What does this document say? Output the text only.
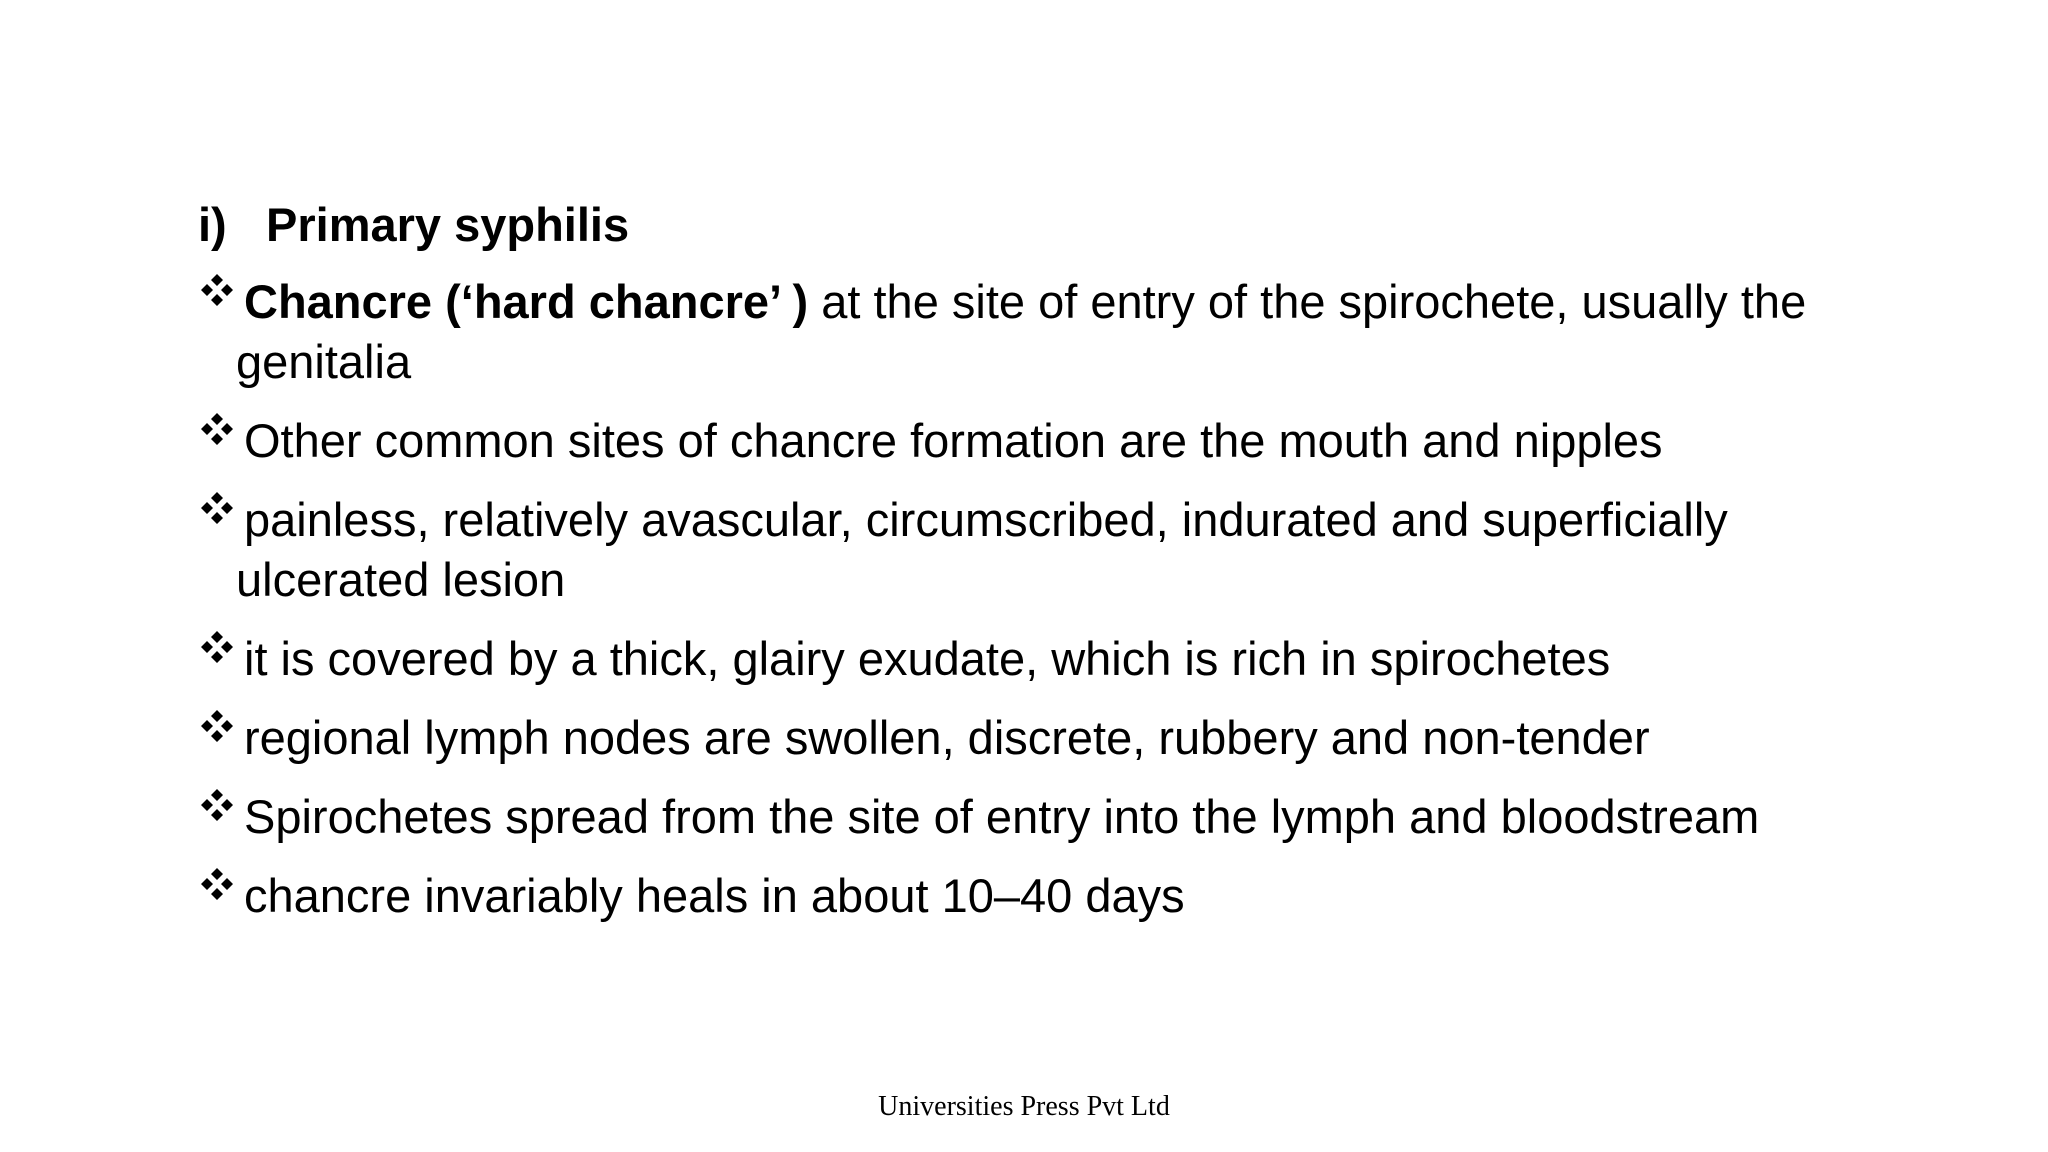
i) Primary syphilis
Chancre (‘hard chancre’ ) at the site of entry of the spirochete, usually the
genitalia
Other common sites of chancre formation are the mouth and nipples
painless, relatively avascular, circumscribed, indurated and superficially
ulcerated lesion
it is covered by a thick, glairy exudate, which is rich in spirochetes
regional lymph nodes are swollen, discrete, rubbery and non-tender
Spirochetes spread from the site of entry into the lymph and bloodstream
chancre invariably heals in about 10–40 days
Universities Press Pvt Ltd
